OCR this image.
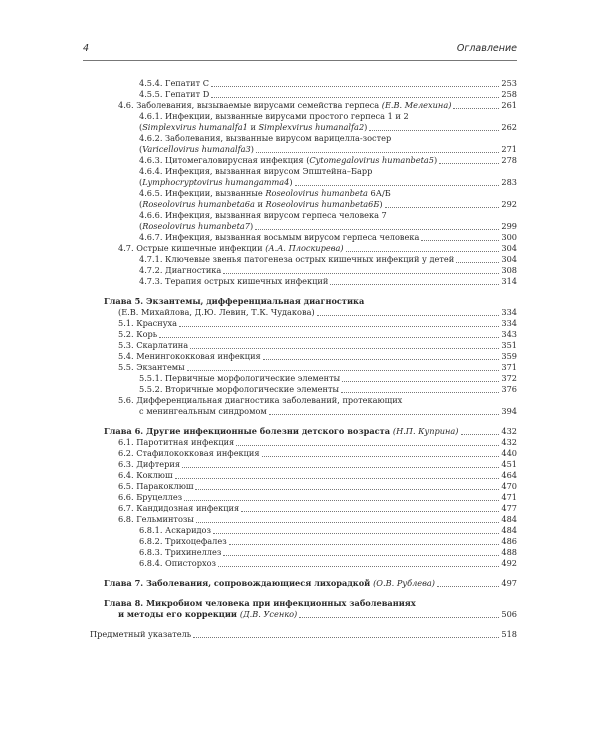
4	Оглавление
4.5.4. Гепатит С	253
4.5.5. Гепатит D	258
4.6. Заболевания, вызываемые вирусами семейства герпеса (Е.В. Мелехина)	261
4.6.1. Инфекции, вызванные вирусами простого герпеса 1 и 2
(Simplexvirus humanalfa1 и Simplexvirus humanalfa2)	262
4.6.2. Заболевания, вызванные вирусом варицелла-зостер
(Varicellovirus humanalfa3)	271
4.6.3. Цитомегаловирусная инфекция (Cytomegalovirus humanbeta5)	278
4.6.4. Инфекция, вызванная вирусом Эпштейна–Барр
(Lymphocryptovirus humangamma4)	283
4.6.5. Инфекции, вызванные Roseolovirus humanbeta 6А/Б
(Roseolovirus humanbeta6a и Roseolovirus humanbeta6Б)	292
4.6.6. Инфекция, вызванная вирусом герпеса человека 7
(Roseolovirus humanbeta7)	299
4.6.7. Инфекция, вызванная восьмым вирусом герпеса человека	300
4.7. Острые кишечные инфекции (А.А. Плоскирева)	304
4.7.1. Ключевые звенья патогенеза острых кишечных инфекций у детей	304
4.7.2. Диагностика	308
4.7.3. Терапия острых кишечных инфекций	314
Глава 5. Экзантемы, дифференциальная диагностика
(Е.В. Михайлова, Д.Ю. Левин, Т.К. Чудакова)	334
5.1. Краснуха	334
5.2. Корь	343
5.3. Скарлатина	351
5.4. Менингококковая инфекция	359
5.5. Экзантемы	371
5.5.1. Первичные морфологические элементы	372
5.5.2. Вторичные морфологические элементы	376
5.6. Дифференциальная диагностика заболеваний, протекающих
с менингеальным синдромом	394
Глава 6. Другие инфекционные болезни детского возраста (Н.П. Куприна)	432
6.1. Паротитная инфекция	432
6.2. Стафилококковая инфекция	440
6.3. Дифтерия	451
6.4. Коклюш	464
6.5. Паракоклюш	470
6.6. Бруцеллез	471
6.7. Кандидозная инфекция	477
6.8. Гельминтозы	484
6.8.1. Аскаридоз	484
6.8.2. Трихоцефалез	486
6.8.3. Трихинеллез	488
6.8.4. Описторхоз	492
Глава 7. Заболевания, сопровождающиеся лихорадкой (О.В. Рублева)	497
Глава 8. Микробиом человека при инфекционных заболеваниях
и методы его коррекции (Д.В. Усенко)	506
Предметный указатель	518
